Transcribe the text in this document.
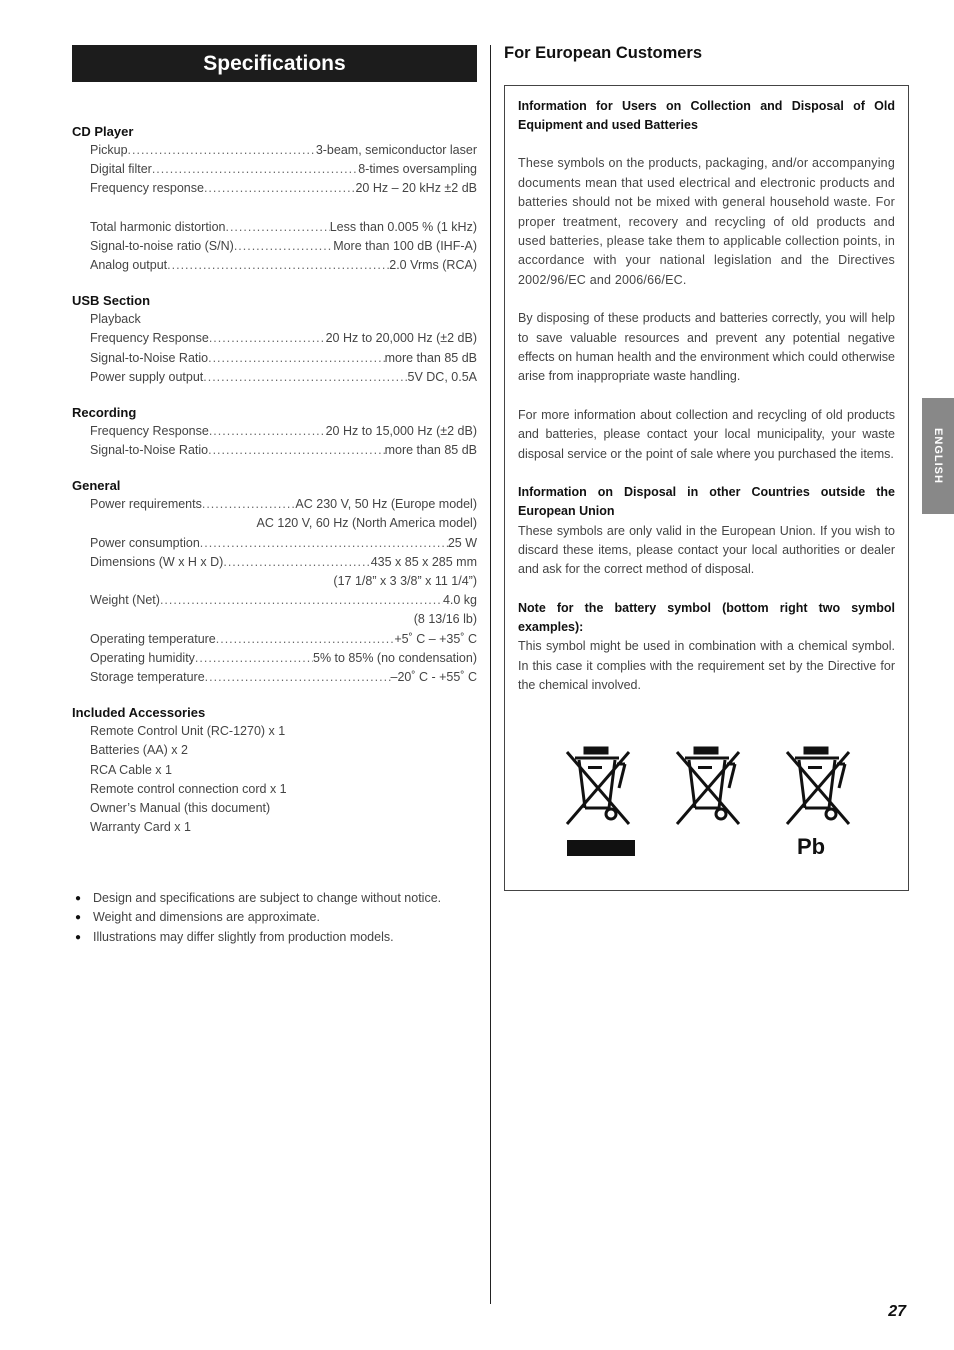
Specifications
CD Player
Pickup .....	3-beam, semiconductor laser
Digital filter .....	8-times oversampling
Frequency response .....	20 Hz – 20 kHz ±2 dB
Total harmonic distortion .....	Less than 0.005 % (1 kHz)
Signal-to-noise ratio (S/N) .....	More than 100 dB (IHF-A)
Analog output .....	2.0 Vrms (RCA)
USB Section
Playback
Frequency Response .....	20 Hz to 20,000 Hz (±2 dB)
Signal-to-Noise Ratio .....	more than 85 dB
Power supply output .....	5V DC, 0.5A
Recording
Frequency Response .....	20 Hz to 15,000 Hz (±2 dB)
Signal-to-Noise Ratio .....	more than 85 dB
General
Power requirements .....	AC 230 V, 50 Hz (Europe model)
AC 120 V, 60 Hz (North America model)
Power consumption .....	25 W
Dimensions (W x H x D) .....	435 x 85 x 285 mm
(17 1/8” x 3 3/8” x 11 1/4”)
Weight (Net) .....	4.0 kg
(8 13/16 lb)
Operating temperature .....	+5˚ C – +35˚ C
Operating humidity .....	5% to 85% (no condensation)
Storage temperature .....	–20˚ C - +55˚ C
Included Accessories
Remote Control Unit (RC-1270) x 1
Batteries (AA) x 2
RCA Cable x 1
Remote control connection cord x 1
Owner’s Manual (this document)
Warranty Card x 1
● Design and specifications are subject to change without notice.
● Weight and dimensions are approximate.
● Illustrations may differ slightly from production models.
For European Customers
Information for Users on Collection and Disposal of Old Equipment and used Batteries
These symbols on the products, packaging, and/or accompanying documents mean that used electrical and electronic products and batteries should not be mixed with general household waste. For proper treatment, recovery and recycling of old products and used batteries, please take them to applicable collection points, in accordance with your national legislation and the Directives 2002/96/EC and 2006/66/EC.
By disposing of these products and batteries correctly, you will help to save valuable resources and prevent any potential negative effects on human health and the environment which could otherwise arise from inappropriate waste handling.
For more information about collection and recycling of old products and batteries, please contact your local municipality, your waste disposal service or the point of sale where you purchased the items.
Information on Disposal in other Countries outside the European Union
These symbols are only valid in the European Union. If you wish to discard these items, please contact your local authorities or dealer and ask for the correct method of disposal.
Note for the battery symbol (bottom right two symbol examples):
This symbol might be used in combination with a chemical symbol. In this case it complies with the requirement set by the Directive for the chemical involved.
Pb
ENGLISH
27
